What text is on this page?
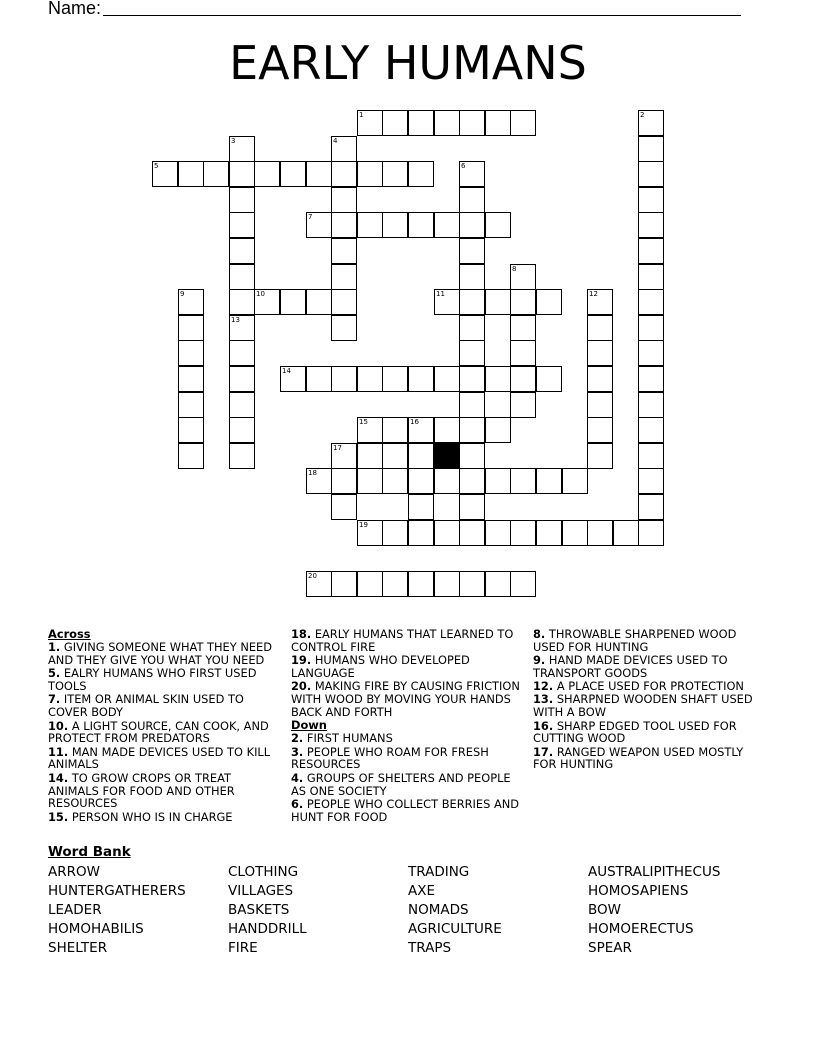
Name:
EARLY HUMANS
1	2
3
13
4
5	6
7
8
9	10	11	12
14
15	16
17
18
19
20

Across

1. GIVING SOMEONE WHAT THEY NEED AND THEY GIVE YOU WHAT YOU NEED

5. EALRY HUMANS WHO FIRST USED TOOLS

7. ITEM OR ANIMAL SKIN USED TO COVER BODY

10. A LIGHT SOURCE, CAN COOK, AND PROTECT FROM PREDATORS

11. MAN MADE DEVICES USED TO KILL ANIMALS

14. TO GROW CROPS OR TREAT ANIMALS FOR FOOD AND OTHER RESOURCES

15. PERSON WHO IS IN CHARGE

18. EARLY HUMANS THAT LEARNED TO CONTROL FIRE

19. HUMANS WHO DEVELOPED LANGUAGE

20. MAKING FIRE BY CAUSING FRICTION WITH WOOD BY MOVING YOUR HANDS BACK AND FORTH

Down

2. FIRST HUMANS

3. PEOPLE WHO ROAM FOR FRESH RESOURCES

4. GROUPS OF SHELTERS AND PEOPLE AS ONE SOCIETY

6. PEOPLE WHO COLLECT BERRIES AND HUNT FOR FOOD

8. THROWABLE SHARPENED WOOD USED FOR HUNTING

9. HAND MADE DEVICES USED TO TRANSPORT GOODS

12. A PLACE USED FOR PROTECTION

13. SHARPNED WOODEN SHAFT USED WITH A BOW

16. SHARP EDGED TOOL USED FOR CUTTING WOOD

17. RANGED WEAPON USED MOSTLY FOR HUNTING

Word Bank
ARROW
HUNTERGATHERERS
LEADER
HOMOHABILIS
SHELTER
CLOTHING
VILLAGES
BASKETS
HANDDRILL
FIRE
TRADING
AXE
NOMADS
AGRICULTURE
TRAPS
AUSTRALIPITHECUS
HOMOSAPIENS
BOW
HOMOERECTUS
SPEAR
